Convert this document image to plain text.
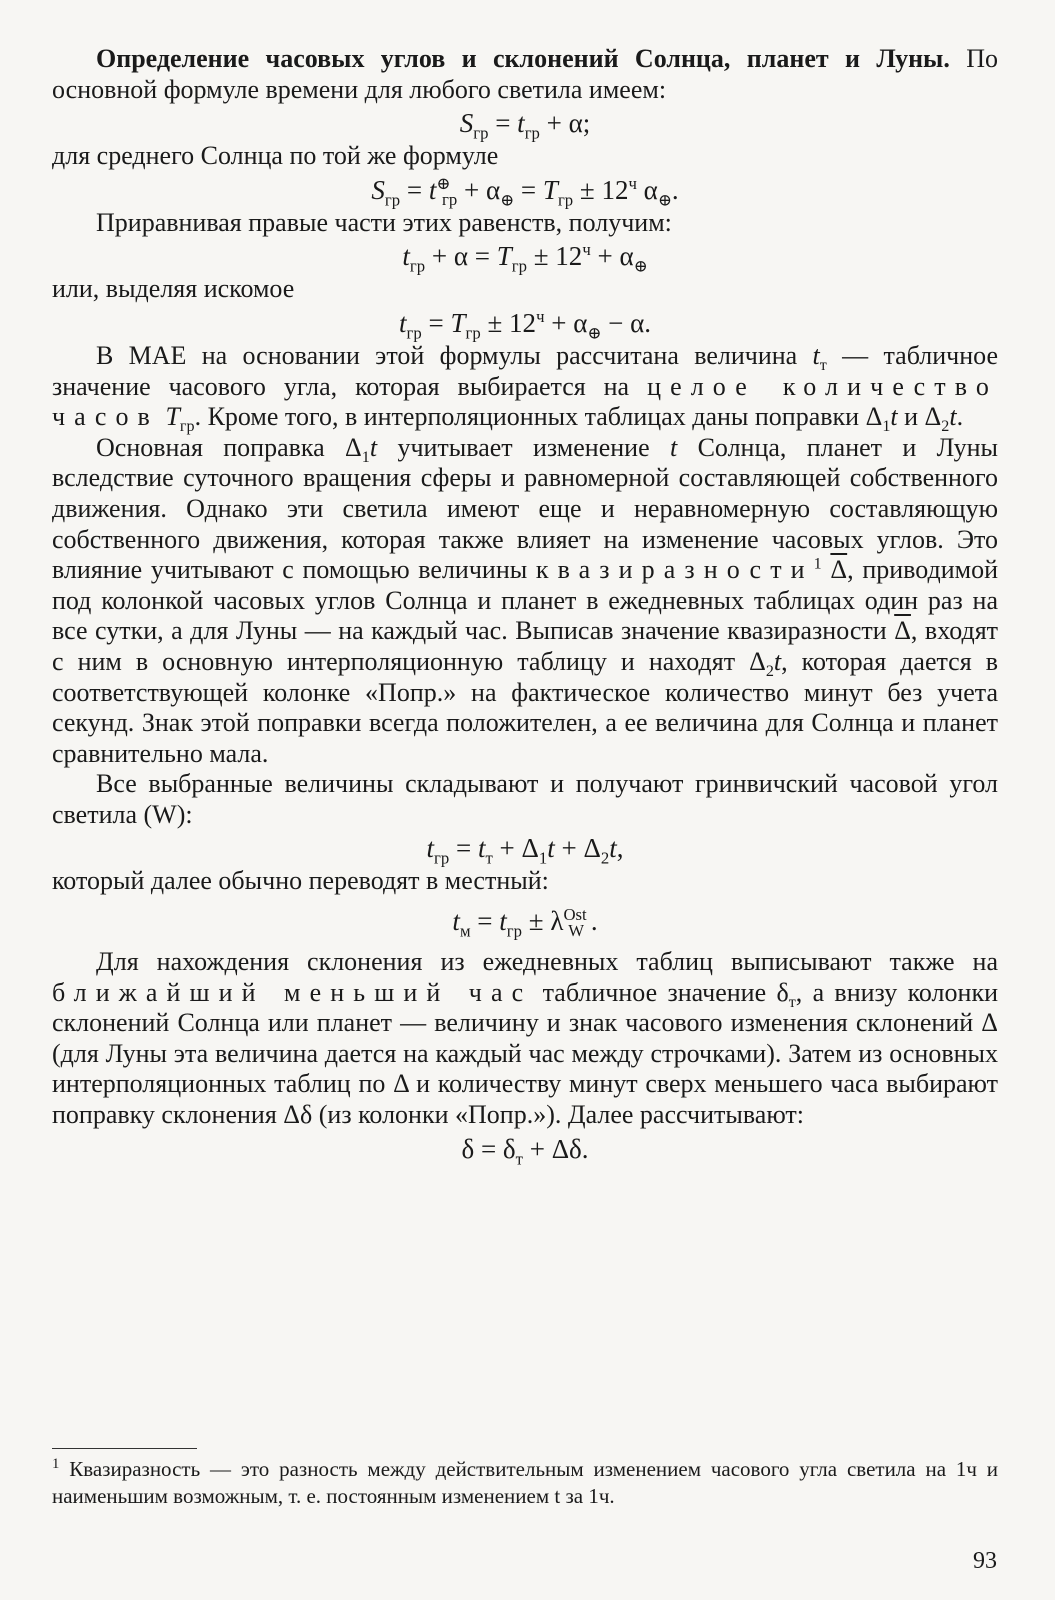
Определение часовых углов и склонений Солнца, планет и Луны. По основной формуле времени для любого светила имеем:

$S_{гр} = t_{гр} + \alpha$;

для среднего Солнца по той же формуле

$S_{гр} = t^\oplus_{гр} + \alpha_\oplus = T_{гр} \pm 12^ч$ $\alpha_\oplus$.

Приравнивая правые части этих равенств, получим:

$t_{гр} + \alpha = T_{гр} \pm 12^ч + \alpha_\oplus$

или, выделяя искомое

$t_{гр} = T_{гр} \pm 12^ч + \alpha_\oplus - \alpha$.

В МАЕ на основании этой формулы рассчитана величина $t_т$ — табличное значение часового угла, которая выбирается на целое количество часов $T_{гр}$. Кроме того, в интерполяционных таблицах даны поправки $\Delta_1t$ и $\Delta_2t$.

Основная поправка $\Delta_1t$ учитывает изменение t Солнца, планет и Луны вследствие суточного вращения сферы и равномерной составляющей собственного движения. Однако эти светила имеют еще и неравномерную составляющую собственного движения, которая также влияет на изменение часовых углов. Это влияние учитывают с помощью величины квазиразности$^1$ $\overline{\Delta}$, приводимой под колонкой часовых углов Солнца и планет в ежедневных таблицах один раз на все сутки, а для Луны — на каждый час. Выписав значение квазиразности $\overline{\Delta}$, входят с ним в основную интерполяционную таблицу и находят $\Delta_2t$, которая дается в соответствующей колонке «Попр.» на фактическое количество минут без учета секунд. Знак этой поправки всегда положителен, а ее величина для Солнца и планет сравнительно мала.

Все выбранные величины складывают и получают гринвичский часовой угол светила (W):

$t_{гр} = t_т + \Delta_1t + \Delta_2t$,

который далее обычно переводят в местный:

$t_м = t_{гр} \pm \lambda^{Ost}_W$ .

Для нахождения склонения из ежедневных таблиц выписывают также на ближайший меньший час табличное значение $\delta_т$, а внизу колонки склонений Солнца или планет — величину и знак часового изменения склонений Δ (для Луны эта величина дается на каждый час между строчками). Затем из основных интерполяционных таблиц по Δ и количеству минут сверх меньшего часа выбирают поправку склонения Δδ (из колонки «Попр.»). Далее рассчитывают:

$\delta = \delta_т + \Delta\delta$.

$^1$ Квазиразность — это разность между действительным изменением часового угла светила на 1ч и наименьшим возможным, т. е. постоянным изменением t за 1ч.

93
